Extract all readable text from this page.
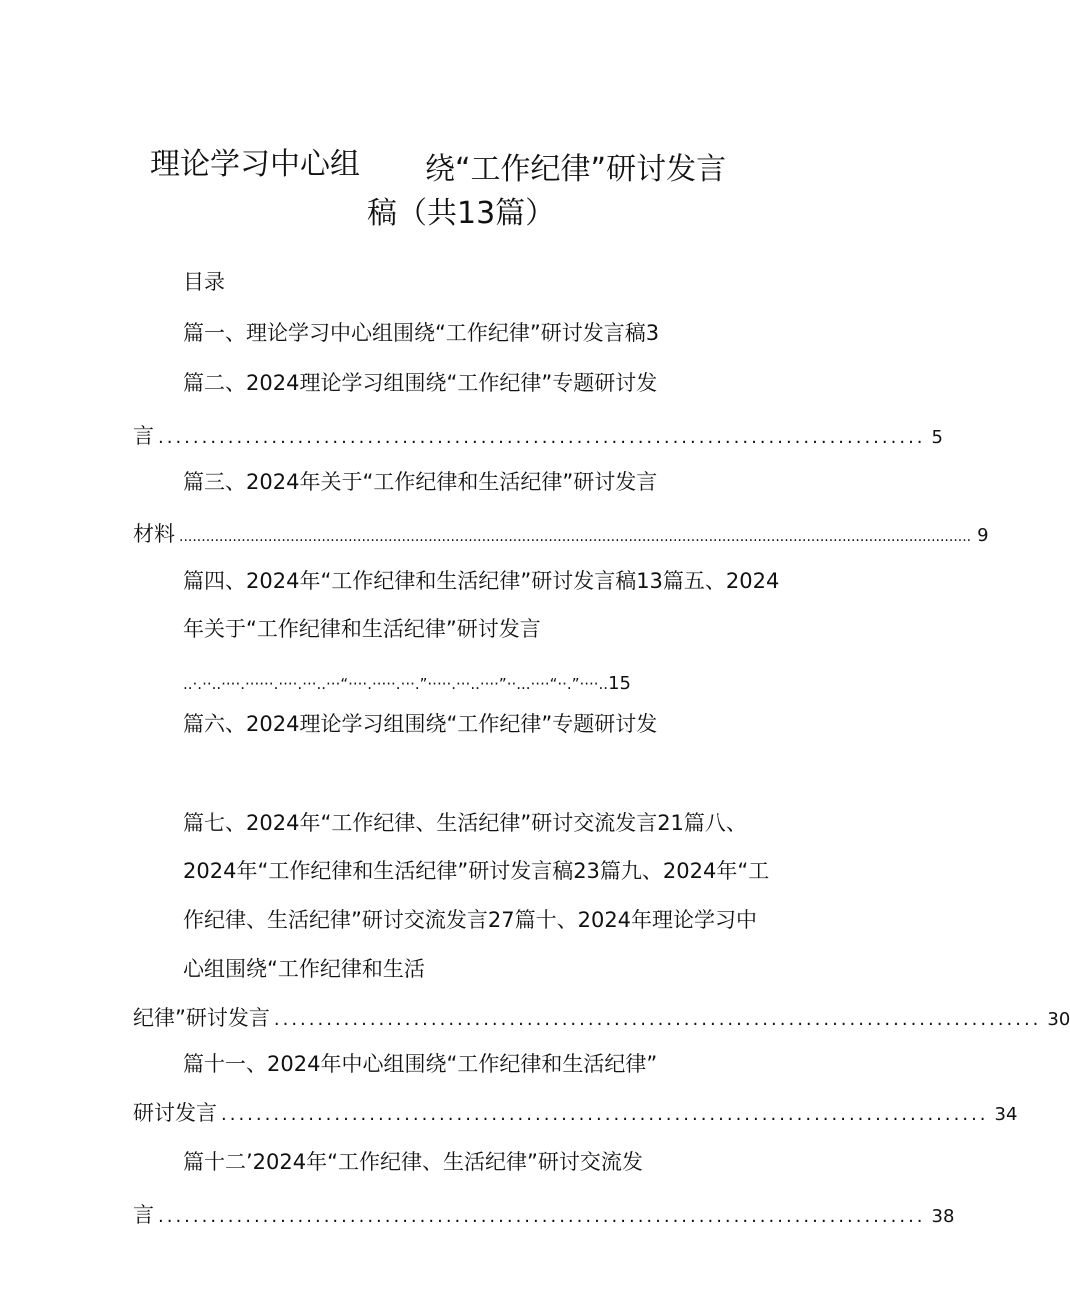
理论学习中心组 绕“工作纪律”研讨发言
稿（共13篇）
目录
篇一、理论学习中心组围绕“工作纪律”研讨发言稿3
篇二、2024理论学习组围绕“工作纪律”专题研讨发
言 ........................................................................................ 5
篇三、2024年关于“工作纪律和生活纪律”研讨发言
材料 .................................................................................................................................................................................. 9
篇四、2024年“工作纪律和生活纪律”研讨发言稿13篇五、2024
年关于“工作纪律和生活纪律”研讨发言
..·.··..····.······.····.···..···“····.·····.···.”·····.···..····”··...····“··.”····..15
篇六、2024理论学习组围绕“工作纪律”专题研讨发
篇七、2024年“工作纪律、生活纪律”研讨交流发言21篇八、
2024年“工作纪律和生活纪律”研讨发言稿23篇九、2024年“工
作纪律、生活纪律”研讨交流发言27篇十、2024年理论学习中
心组围绕“工作纪律和生活
纪律”研讨发言 ........................................................................................ 30
篇十一、2024年中心组围绕“工作纪律和生活纪律”
研讨发言 ........................................................................................ 34
篇十二’2024年“工作纪律、生活纪律”研讨交流发
言 ........................................................................................ 38
